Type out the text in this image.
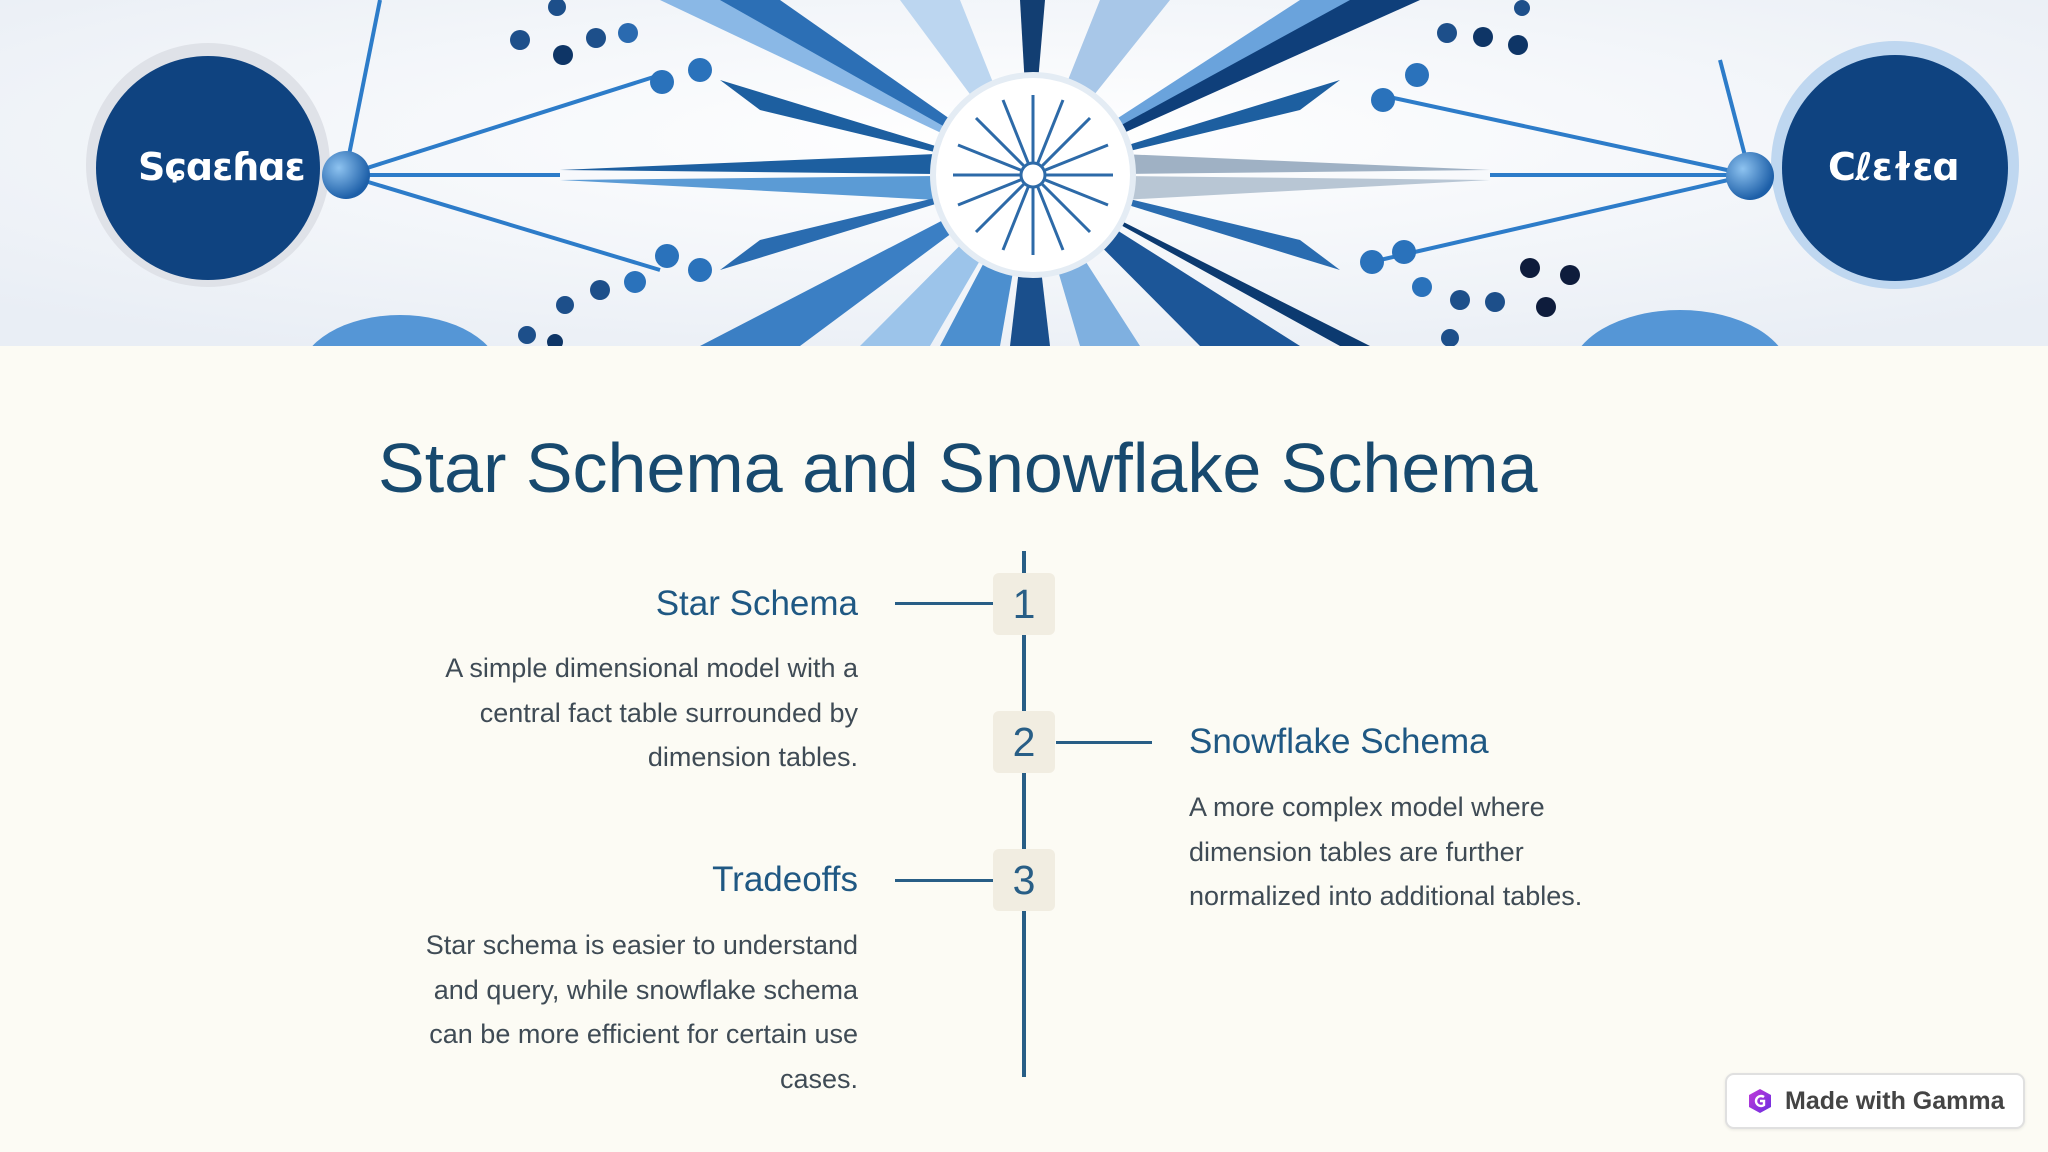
Sɕɑɛɦɑɛ	Cℓɛɫɛɑ
Star Schema and Snowflake Schema
1
Star Schema
A simple dimensional model with a central fact table surrounded by dimension tables.	2	Snowflake Schema
A more complex model where dimension tables are further normalized into additional tables.
3
Tradeoffs
Star schema is easier to understand and query, while snowflake schema can be more efficient for certain use cases.
Made with Gamma
